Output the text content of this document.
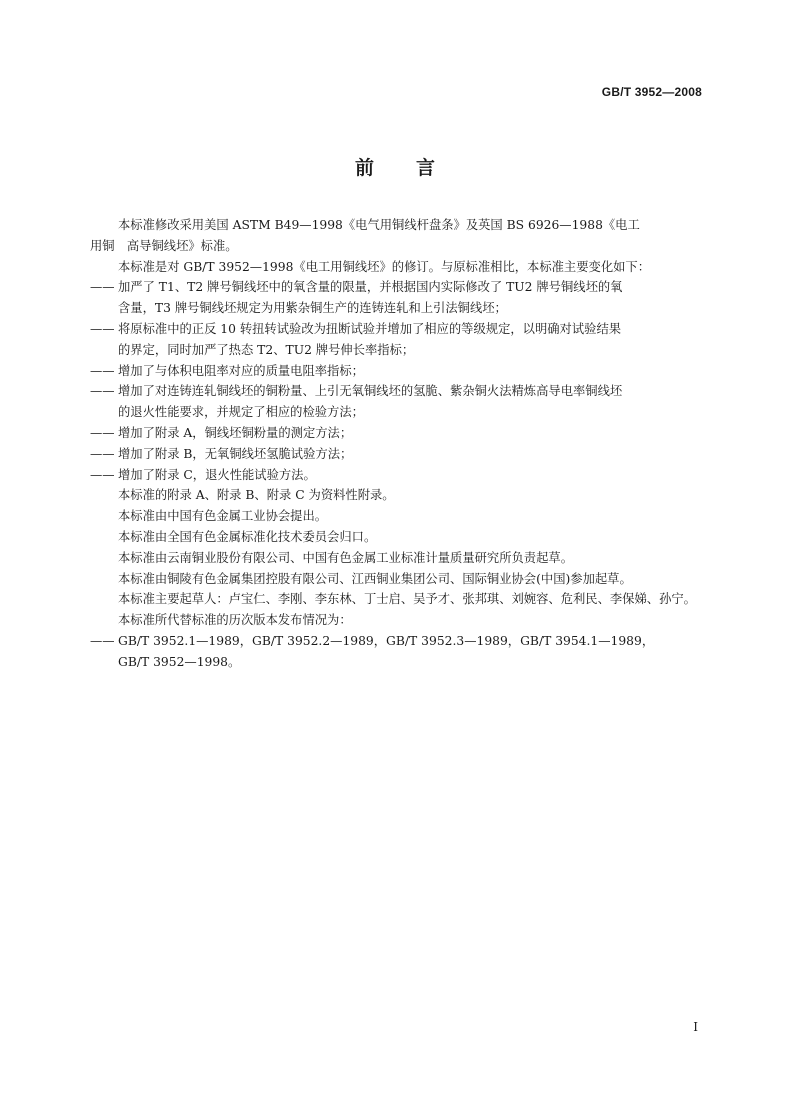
GB/T 3952—2008
前 言
本标准修改采用美国 ASTM B49—1998《电气用铜线杆盘条》及英国 BS 6926—1988《电工
用铜　高导铜线坯》标准。
本标准是对 GB/T 3952—1998《电工用铜线坯》的修订。与原标准相比，本标准主要变化如下：
—— 加严了 T1、T2 牌号铜线坯中的氧含量的限量，并根据国内实际修改了 TU2 牌号铜线坯的氧
含量，T3 牌号铜线坯规定为用紫杂铜生产的连铸连轧和上引法铜线坯；
—— 将原标准中的正反 10 转扭转试验改为扭断试验并增加了相应的等级规定，以明确对试验结果
的界定，同时加严了热态 T2、TU2 牌号伸长率指标；
—— 增加了与体积电阻率对应的质量电阻率指标；
—— 增加了对连铸连轧铜线坯的铜粉量、上引无氧铜线坯的氢脆、紫杂铜火法精炼高导电率铜线坯
的退火性能要求，并规定了相应的检验方法；
—— 增加了附录 A，铜线坯铜粉量的测定方法；
—— 增加了附录 B，无氧铜线坯氢脆试验方法；
—— 增加了附录 C，退火性能试验方法。
本标准的附录 A、附录 B、附录 C 为资料性附录。
本标准由中国有色金属工业协会提出。
本标准由全国有色金属标准化技术委员会归口。
本标准由云南铜业股份有限公司、中国有色金属工业标准计量质量研究所负责起草。
本标准由铜陵有色金属集团控股有限公司、江西铜业集团公司、国际铜业协会(中国)参加起草。
本标准主要起草人：卢宝仁、李刚、李东林、丁士启、吴予才、张邦琪、刘婉容、危利民、李保娣、孙宁。
本标准所代替标准的历次版本发布情况为：
—— GB/T 3952.1—1989，GB/T 3952.2—1989，GB/T 3952.3—1989，GB/T 3954.1—1989，
GB/T 3952—1998。
I
